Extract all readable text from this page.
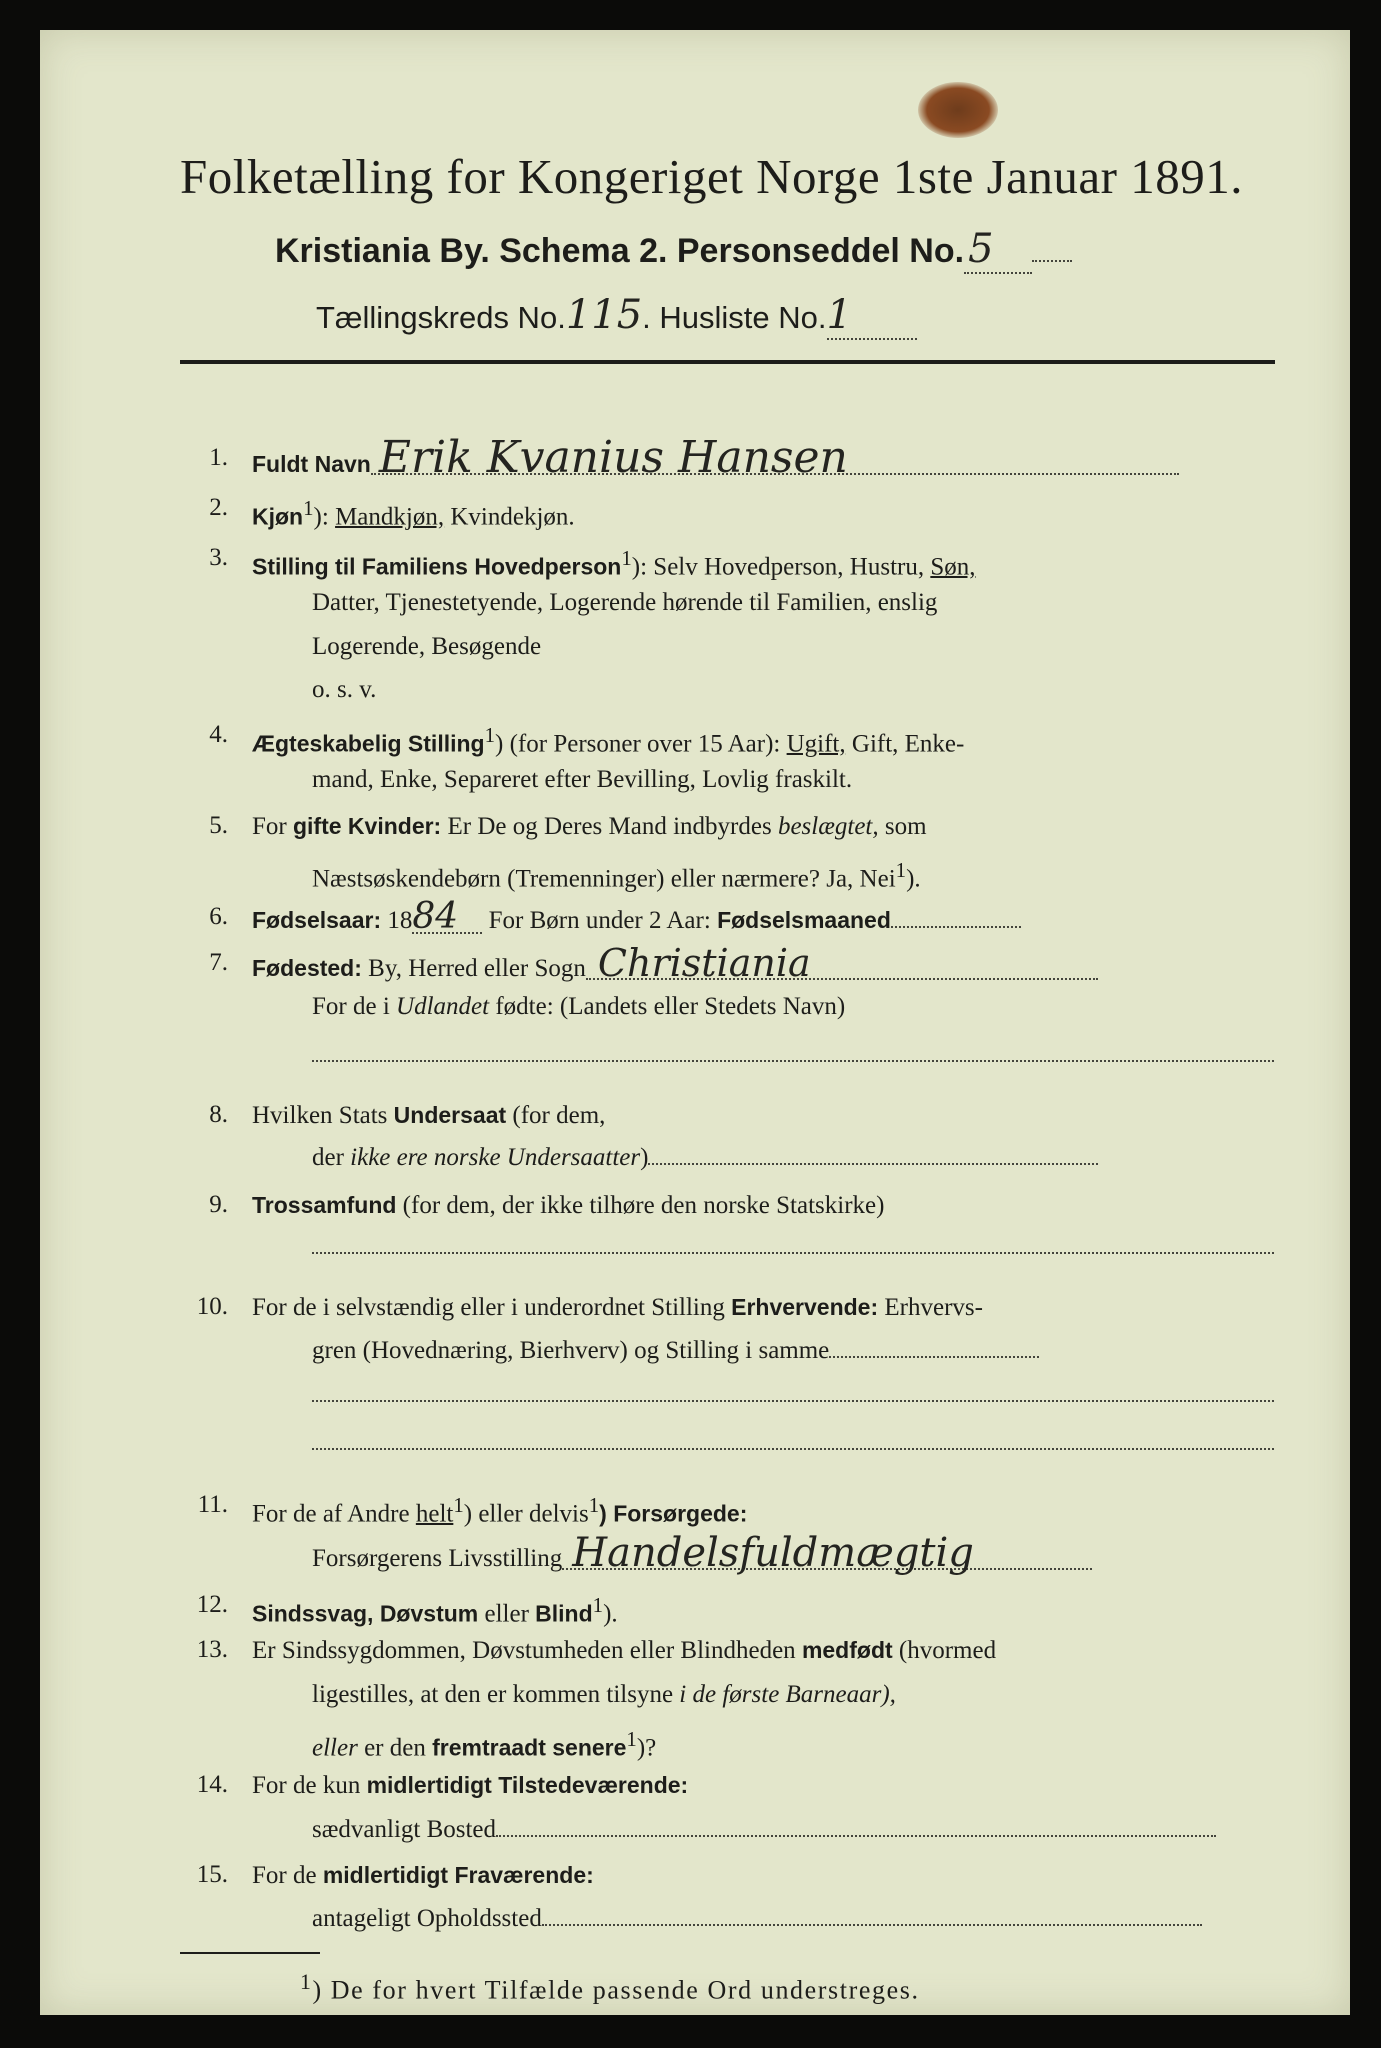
Folketælling for Kongeriget Norge 1ste Januar 1891.
Kristiania By. Schema 2. Personseddel No. 5
Tællingskreds No.115. Husliste No.1
1. Fuldt Navn Erik Kvanius Hansen
2. Kjøn$^1$): Mandkjøn, Kvindekjøn.
3. Stilling til Familiens Hovedperson$^1$): Selv Hovedperson, Hustru, Søn,
Datter, Tjenestetyende, Logerende hørende til Familien, enslig
Logerende, Besøgende
o. s. v.
4. Ægteskabelig Stilling$^1$) (for Personer over 15 Aar): Ugift, Gift, Enke-
mand, Enke, Separeret efter Bevilling, Lovlig fraskilt.
5. For gifte Kvinder: Er De og Deres Mand indbyrdes beslægtet, som
Næstsøskendebørn (Tremenninger) eller nærmere? Ja, Nei$^1$).
6. Fødselsaar: 1884 For Børn under 2 Aar: Fødselsmaaned
7. Fødested: By, Herred eller Sogn Christiania
For de i Udlandet fødte: (Landets eller Stedets Navn)
8. Hvilken Stats Undersaat (for dem,
der ikke ere norske Undersaatter)
9. Trossamfund (for dem, der ikke tilhøre den norske Statskirke)
10. For de i selvstændig eller i underordnet Stilling Erhvervende: Erhvervs-
gren (Hovednæring, Bierhverv) og Stilling i samme
11. For de af Andre helt$^1$) eller delvis$^1$) Forsørgede:
Forsørgerens Livsstilling Handelsfuldmægtig
12. Sindssvag, Døvstum eller Blind$^1$).
13. Er Sindssygdommen, Døvstumheden eller Blindheden medfødt (hvormed
ligestilles, at den er kommen tilsyne i de første Barneaar),
eller er den fremtraadt senere$^1$)?
14. For de kun midlertidigt Tilstedeværende:
sædvanligt Bosted
15. For de midlertidigt Fraværende:
antageligt Opholdssted
$^1$) De for hvert Tilfælde passende Ord understreges.
